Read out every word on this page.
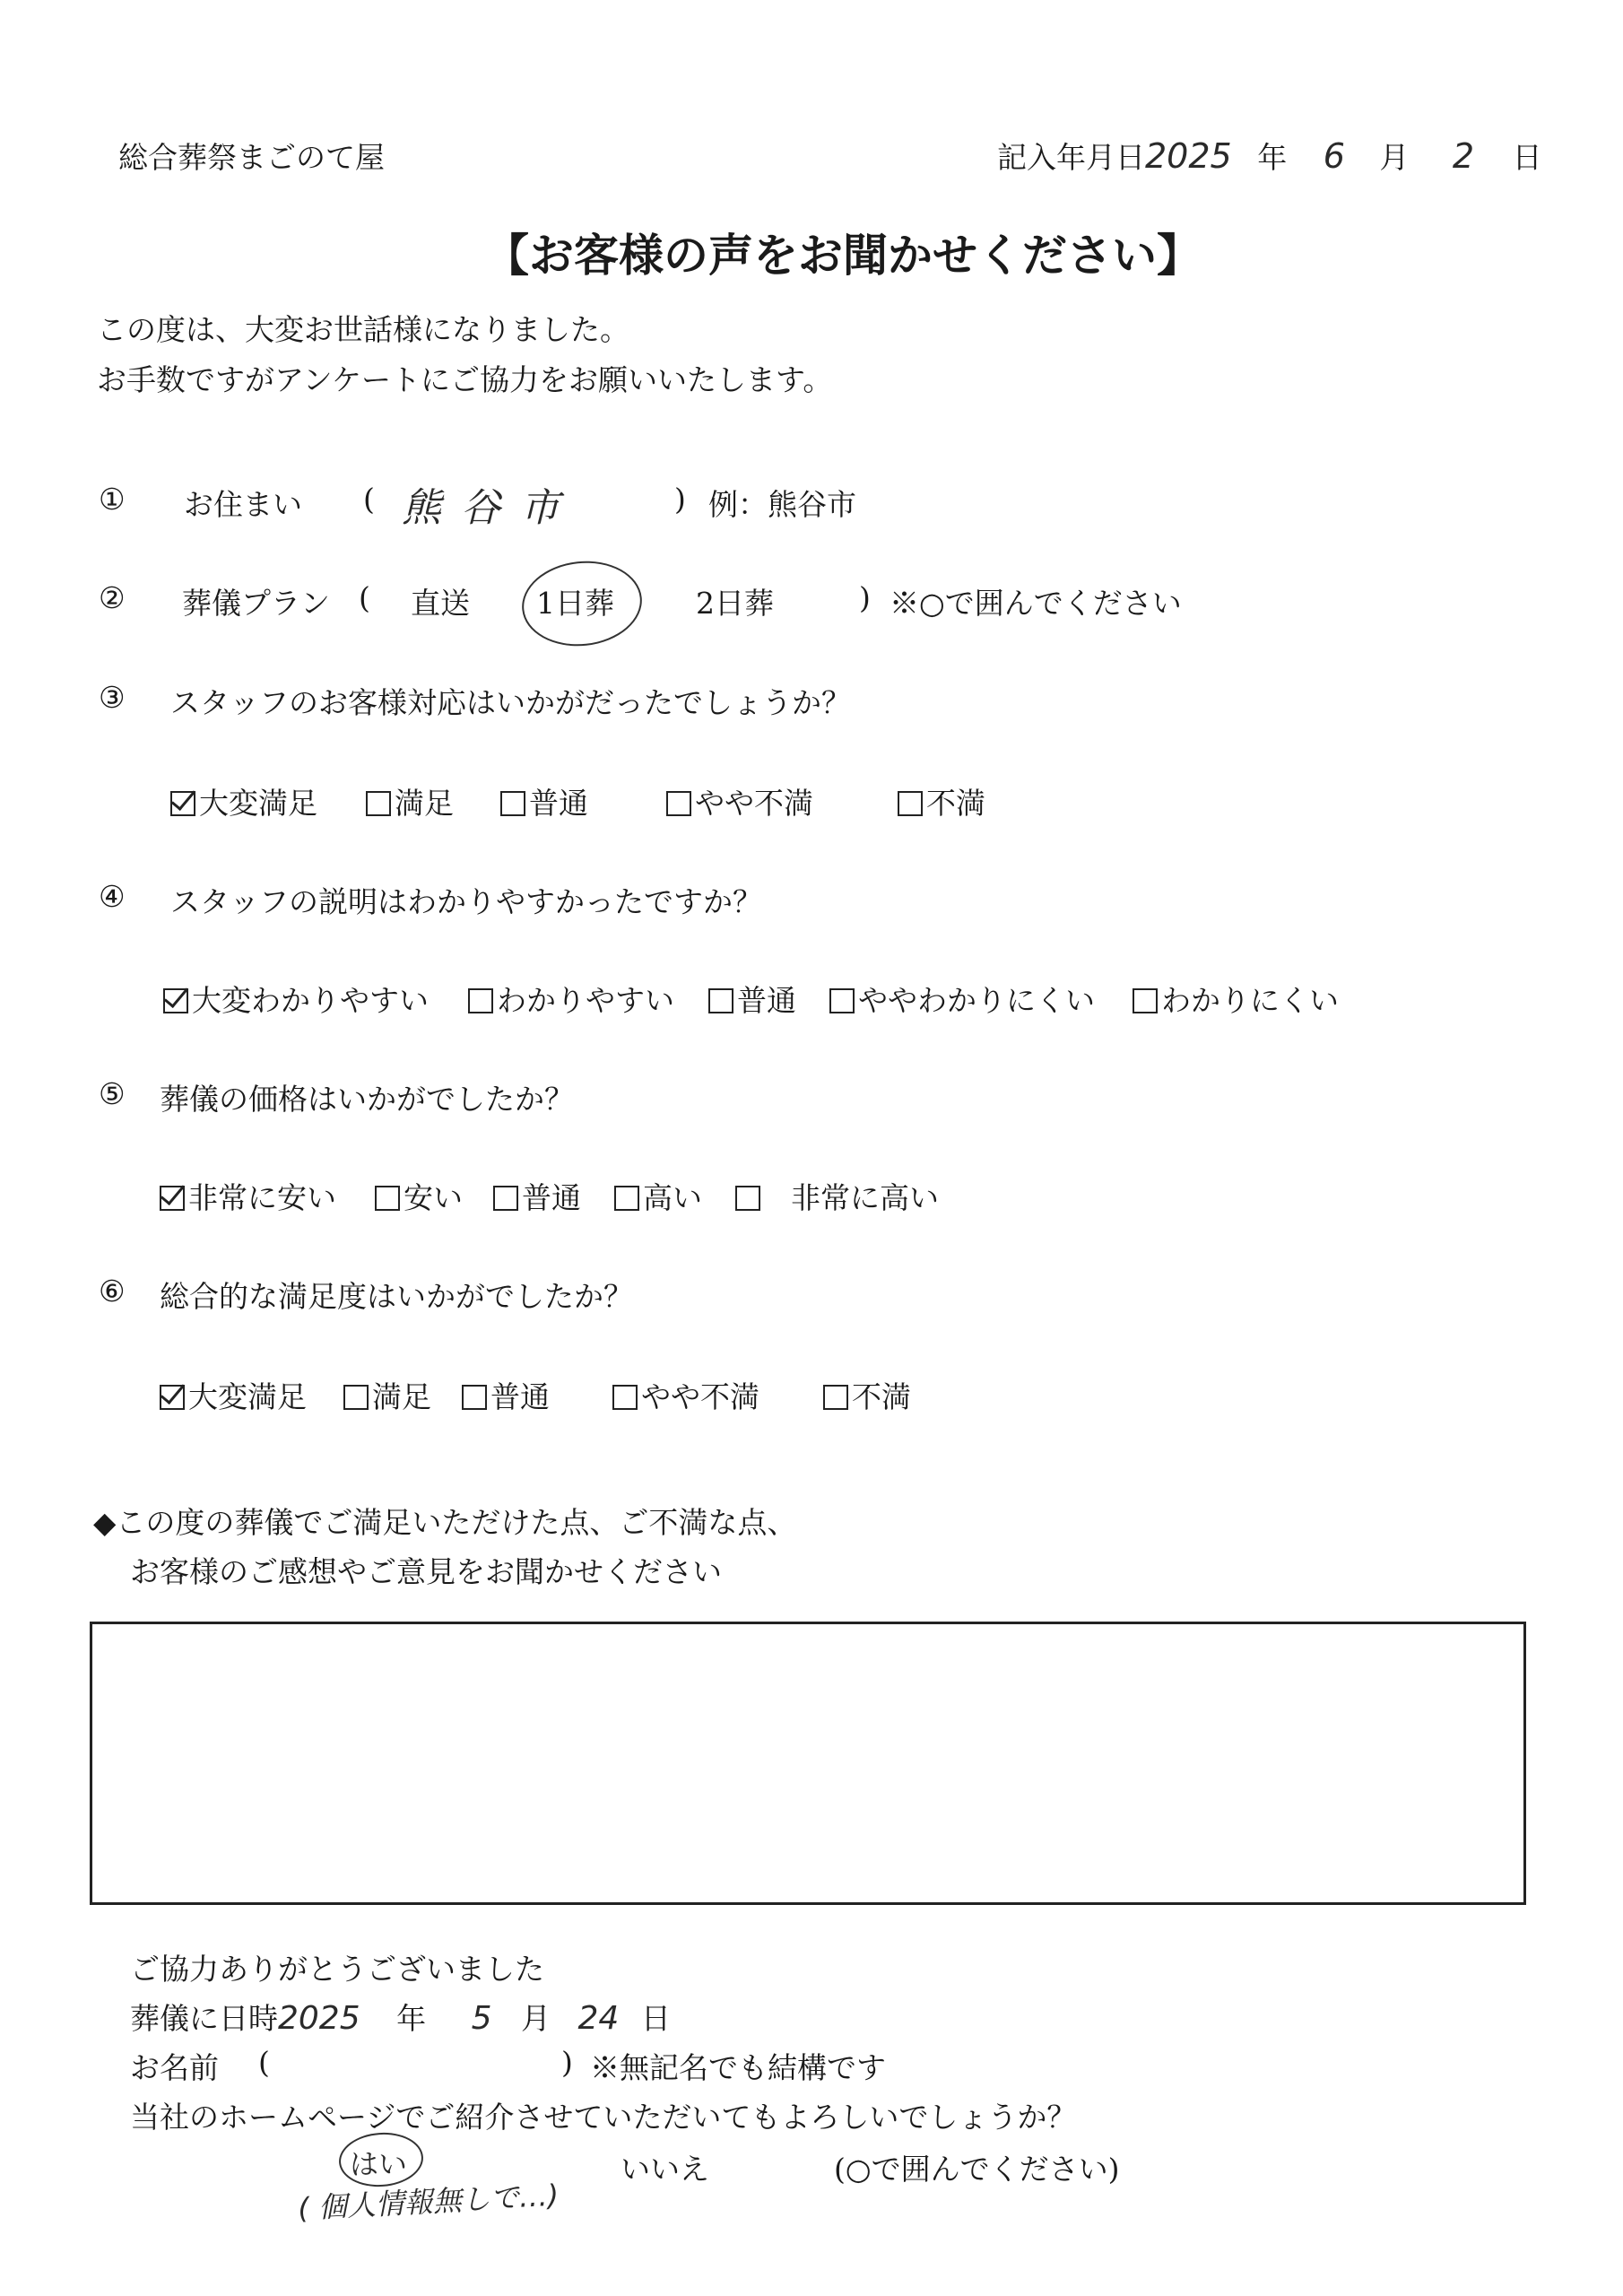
総合葬祭まごのて屋	記入年月日2025 年 6 月 2 日
【お客様の声をお聞かせください】
この度は、大変お世話様になりました。
お手数ですがアンケートにご協力をお願いいたします。
① お住まい ( 熊谷市	) 例：熊谷市
② 葬儀プラン ( 直送 1日葬	2日葬	) ※○で囲んでください
③ スタッフのお客様対応はいかがだったでしょうか？
大変満足	満足	普通	やや不満	不満
④ スタッフの説明はわかりやすかったですか？
大変わかりやすい わかりやすい 普通 ややわかりにくい わかりにくい
⑤ 葬儀の価格はいかがでしたか？
非常に安い 安い 普通 高い	非常に高い
⑥ 総合的な満足度はいかがでしたか？
大変満足 満足 普通	やや不満	不満
◆この度の葬儀でご満足いただけた点、ご不満な点、
お客様のご感想やご意見をお聞かせください
ご協力ありがとうございました
葬儀に日時2025 年 5 月 24 日
お名前 (	) ※無記名でも結構です
当社のホームページでご紹介させていただいてもよろしいでしょうか？
はい	いいえ	(○で囲んでください)
( 個人情報無しで…)
